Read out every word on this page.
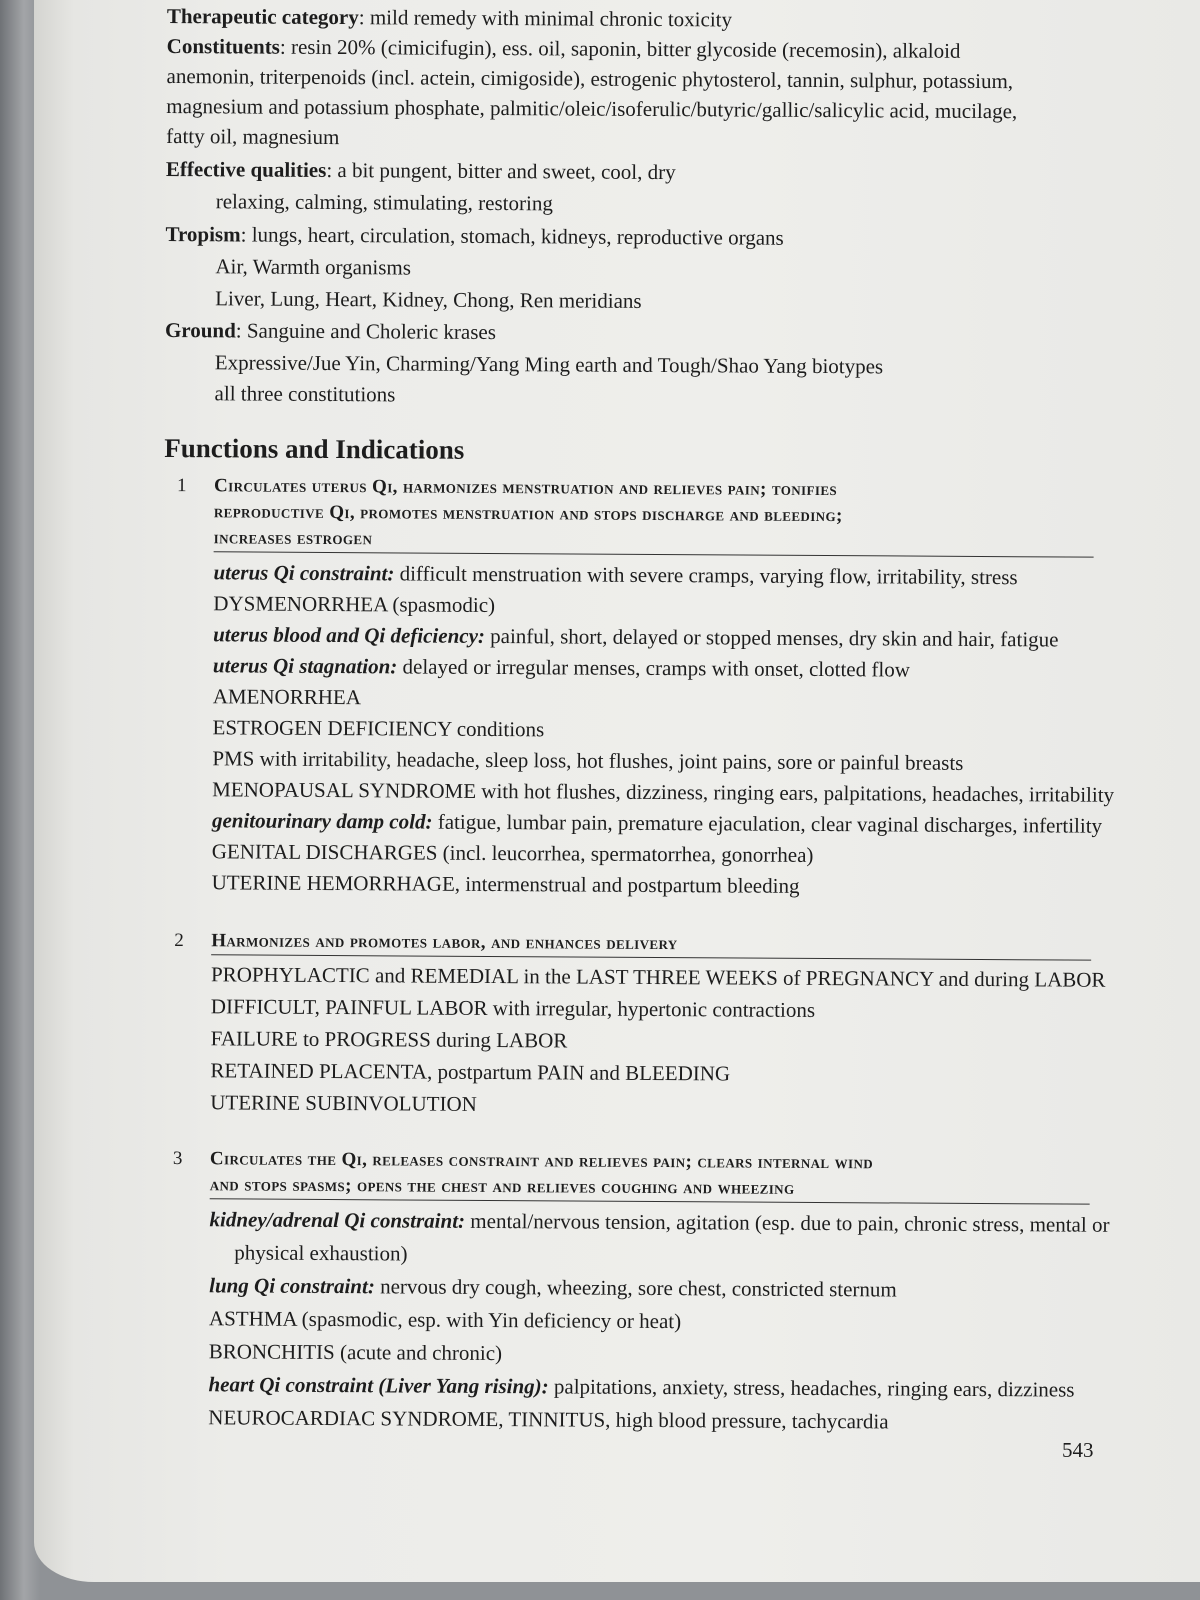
Therapeutic category: mild remedy with minimal chronic toxicity
Constituents: resin 20% (cimicifugin), ess. oil, saponin, bitter glycoside (recemosin), alkaloid
anemonin, triterpenoids (incl. actein, cimigoside), estrogenic phytosterol, tannin, sulphur, potassium,
magnesium and potassium phosphate, palmitic/oleic/isoferulic/butyric/gallic/salicylic acid, mucilage,
fatty oil, magnesium
Effective qualities: a bit pungent, bitter and sweet, cool, dry
relaxing, calming, stimulating, restoring
Tropism: lungs, heart, circulation, stomach, kidneys, reproductive organs
Air, Warmth organisms
Liver, Lung, Heart, Kidney, Chong, Ren meridians
Ground: Sanguine and Choleric krases
Expressive/Jue Yin, Charming/Yang Ming earth and Tough/Shao Yang biotypes
all three constitutions
Functions and Indications
1 Circulates uterus Qi, harmonizes menstruation and relieves pain; tonifies
reproductive Qi, promotes menstruation and stops discharge and bleeding;
increases estrogen
uterus Qi constraint: difficult menstruation with severe cramps, varying flow, irritability, stress
DYSMENORRHEA (spasmodic)
uterus blood and Qi deficiency: painful, short, delayed or stopped menses, dry skin and hair, fatigue
uterus Qi stagnation: delayed or irregular menses, cramps with onset, clotted flow
AMENORRHEA
ESTROGEN DEFICIENCY conditions
PMS with irritability, headache, sleep loss, hot flushes, joint pains, sore or painful breasts
MENOPAUSAL SYNDROME with hot flushes, dizziness, ringing ears, palpitations, headaches, irritability
genitourinary damp cold: fatigue, lumbar pain, premature ejaculation, clear vaginal discharges, infertility
GENITAL DISCHARGES (incl. leucorrhea, spermatorrhea, gonorrhea)
UTERINE HEMORRHAGE, intermenstrual and postpartum bleeding
2 Harmonizes and promotes labor, and enhances delivery
PROPHYLACTIC and REMEDIAL in the LAST THREE WEEKS of PREGNANCY and during LABOR
DIFFICULT, PAINFUL LABOR with irregular, hypertonic contractions
FAILURE to PROGRESS during LABOR
RETAINED PLACENTA, postpartum PAIN and BLEEDING
UTERINE SUBINVOLUTION
3 Circulates the Qi, releases constraint and relieves pain; clears internal wind
and stops spasms; opens the chest and relieves coughing and wheezing
kidney/adrenal Qi constraint: mental/nervous tension, agitation (esp. due to pain, chronic stress, mental or
physical exhaustion)
lung Qi constraint: nervous dry cough, wheezing, sore chest, constricted sternum
ASTHMA (spasmodic, esp. with Yin deficiency or heat)
BRONCHITIS (acute and chronic)
heart Qi constraint (Liver Yang rising): palpitations, anxiety, stress, headaches, ringing ears, dizziness
NEUROCARDIAC SYNDROME, TINNITUS, high blood pressure, tachycardia
543
